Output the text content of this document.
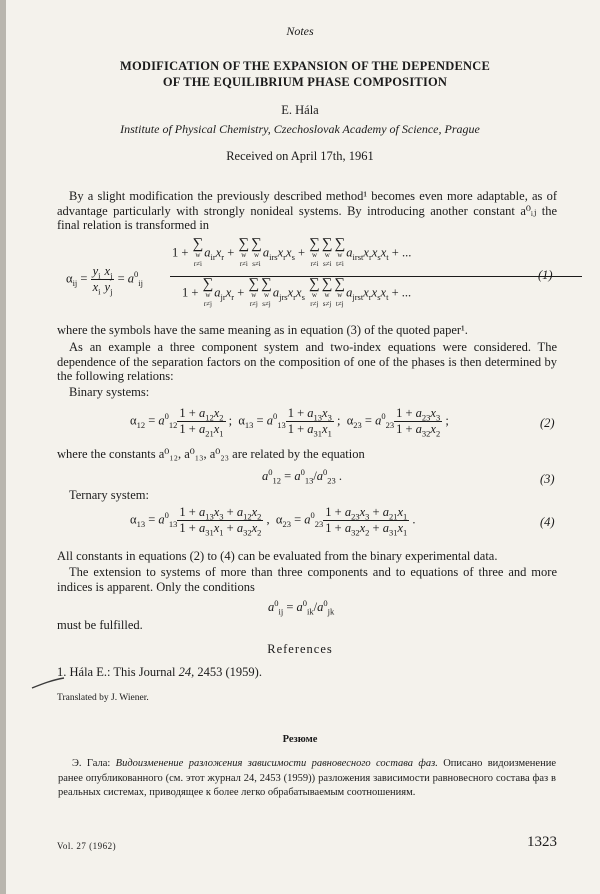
Notes
MODIFICATION OF THE EXPANSION OF THE DEPENDENCE
OF THE EQUILIBRIUM PHASE COMPOSITION
E. Hála
Institute of Physical Chemistry, Czechoslovak Academy of Science, Prague
Received on April 17th, 1961
By a slight modification the previously described method¹ becomes even more adaptable, as of advantage particularly with strongly nonideal systems. By introducing another constant a⁰ᵢⱼ the final relation is transformed in
$\alpha_{ij} = \frac{y_i}{x_i} \frac{x_j}{y_j} = a^0_{ij}$
1 +
∑
w
r≠i
$a_{ir}x_r$ +
∑
w
r≠i
∑
w
s≠i
$a_{irs}x_rx_s$ +
∑
w
r≠i
∑
w
s≠i
∑
w
t≠i
$a_{irst}x_rx_sx_t$ + ...
1 +
∑
w
r≠j
$a_{jr}x_r$ +
∑
w
r≠j
∑
w
s≠j
$a_{jrs}x_rx_s$
∑
w
r≠j
∑
w
s≠j
∑
w
t≠j
$a_{jrst}x_rx_sx_t$ + ...
(1)
where the symbols have the same meaning as in equation (3) of the quoted paper¹.
As an example a three component system and two-index equations were considered. The dependence of the separation factors on the composition of one of the phases is then determined by the following relations:
Binary systems:
$\alpha_{12} = a^0_{12} \frac{1 + a_{12}x_2}{1 + a_{21}x_1}$ ;  $\alpha_{13} = a^0_{13} \frac{1 + a_{13}x_3}{1 + a_{31}x_1}$ ;  $\alpha_{23} = a^0_{23} \frac{1 + a_{23}x_3}{1 + a_{32}x_2}$ ;	(2)
where the constants a⁰₁₂, a⁰₁₃, a⁰₂₃ are related by the equation
$a^0_{12} = a^0_{13}/a^0_{23}$ .	(3)
Ternary system:
$\alpha_{13} = a^0_{13} \frac{1 + a_{13}x_3 + a_{12}x_2}{1 + a_{31}x_1 + a_{32}x_2}$ ,  $\alpha_{23} = a^0_{23} \frac{1 + a_{23}x_3 + a_{21}x_1}{1 + a_{32}x_2 + a_{31}x_1}$ .	(4)
All constants in equations (2) to (4) can be evaluated from the binary experimental data.
The extension to systems of more than three components and to equations of three and more indices is apparent. Only the conditions
$a^0_{ij} = a^0_{ik}/a^0_{jk}$
must be fulfilled.
References
1. Hála E.: This Journal 24, 2453 (1959).
Translated by J. Wiener.
Резюме
Э. Гала: Видоизменение разложения зависимости равновесного состава фаз. Описано видоизменение ранее опубликованного (см. этот журнал 24, 2453 (1959)) разложения зависимости равновесного состава фаз в реальных системах, приводящее к более легко обрабатываемым соотношениям.
Vol. 27 (1962)	1323
